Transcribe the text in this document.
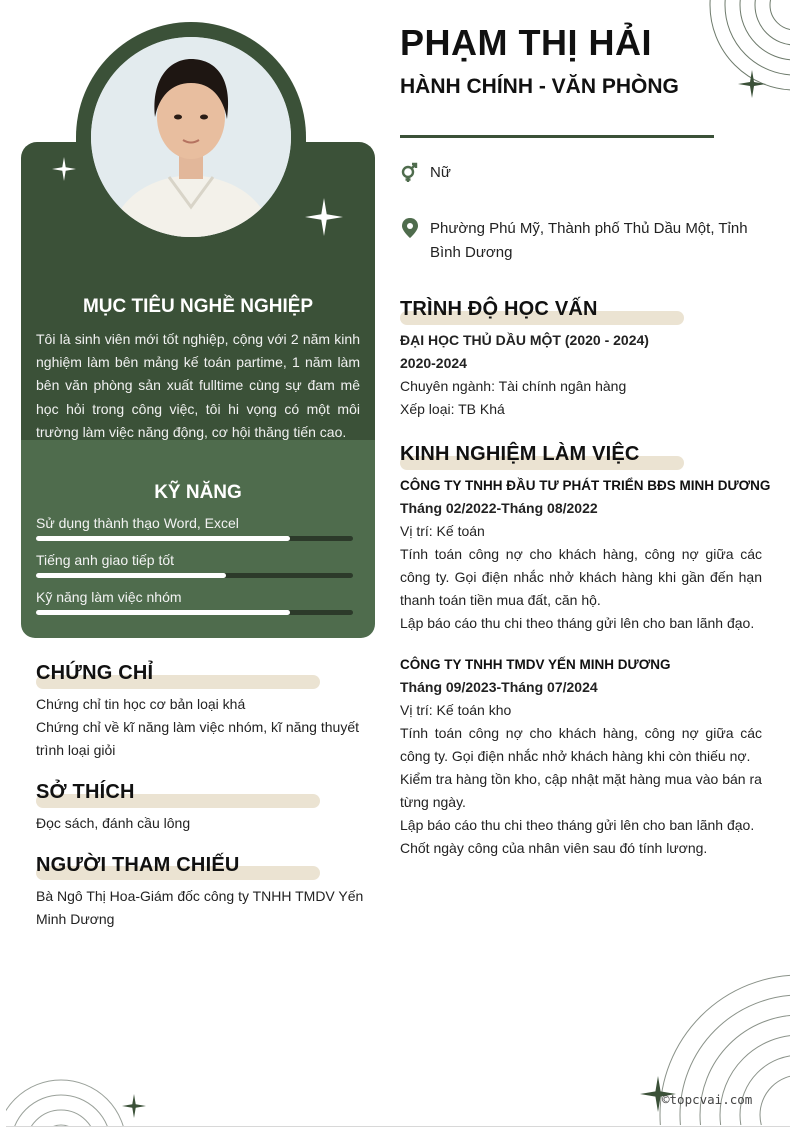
©topcvai.com
MỤC TIÊU NGHỀ NGHIỆP
Tôi là sinh viên mới tốt nghiệp, cộng với 2 năm kinh nghiệm làm bên mảng kế toán partime, 1 năm làm bên văn phòng sản xuất fulltime cùng sự đam mê học hỏi trong công việc, tôi hi vọng có một môi trường làm việc năng động, cơ hội thăng tiến cao.
KỸ NĂNG
Sử dụng thành thạo Word, Excel
Tiếng anh giao tiếp tốt
Kỹ năng làm việc nhóm
CHỨNG CHỈ
Chứng chỉ tin học cơ bản loại khá
Chứng chỉ về kĩ năng làm việc nhóm, kĩ năng thuyết trình loại giỏi
SỞ THÍCH
Đọc sách, đánh cầu lông
NGƯỜI THAM CHIẾU
Bà Ngô Thị Hoa-Giám đốc công ty TNHH TMDV Yến Minh Dương
PHẠM THỊ HẢI
HÀNH CHÍNH - VĂN PHÒNG
Nữ
Phường Phú Mỹ, Thành phố Thủ Dầu Một, Tỉnh Bình Dương
TRÌNH ĐỘ HỌC VẤN
ĐẠI HỌC THỦ DẦU MỘT (2020 - 2024)
2020-2024
Chuyên ngành: Tài chính ngân hàng
Xếp loại: TB Khá
KINH NGHIỆM LÀM VIỆC
CÔNG TY TNHH ĐẦU TƯ PHÁT TRIỂN BĐS MINH DƯƠNG
Tháng 02/2022-Tháng 08/2022
Vị trí: Kế toán
Tính toán công nợ cho khách hàng, công nợ giữa các công ty. Gọi điện nhắc nhở khách hàng khi gần đến hạn thanh toán tiền mua đất, căn hộ.
Lập báo cáo thu chi theo tháng gửi lên cho ban lãnh đạo.
CÔNG TY TNHH TMDV YẾN MINH DƯƠNG
Tháng 09/2023-Tháng 07/2024
Vị trí: Kế toán kho
Tính toán công nợ cho khách hàng, công nợ giữa các công ty. Gọi điện nhắc nhở khách hàng khi còn thiếu nợ.
Kiểm tra hàng tồn kho, cập nhật mặt hàng mua vào bán ra từng ngày.
Lập báo cáo thu chi theo tháng gửi lên cho ban lãnh đạo.
Chốt ngày công của nhân viên sau đó tính lương.
